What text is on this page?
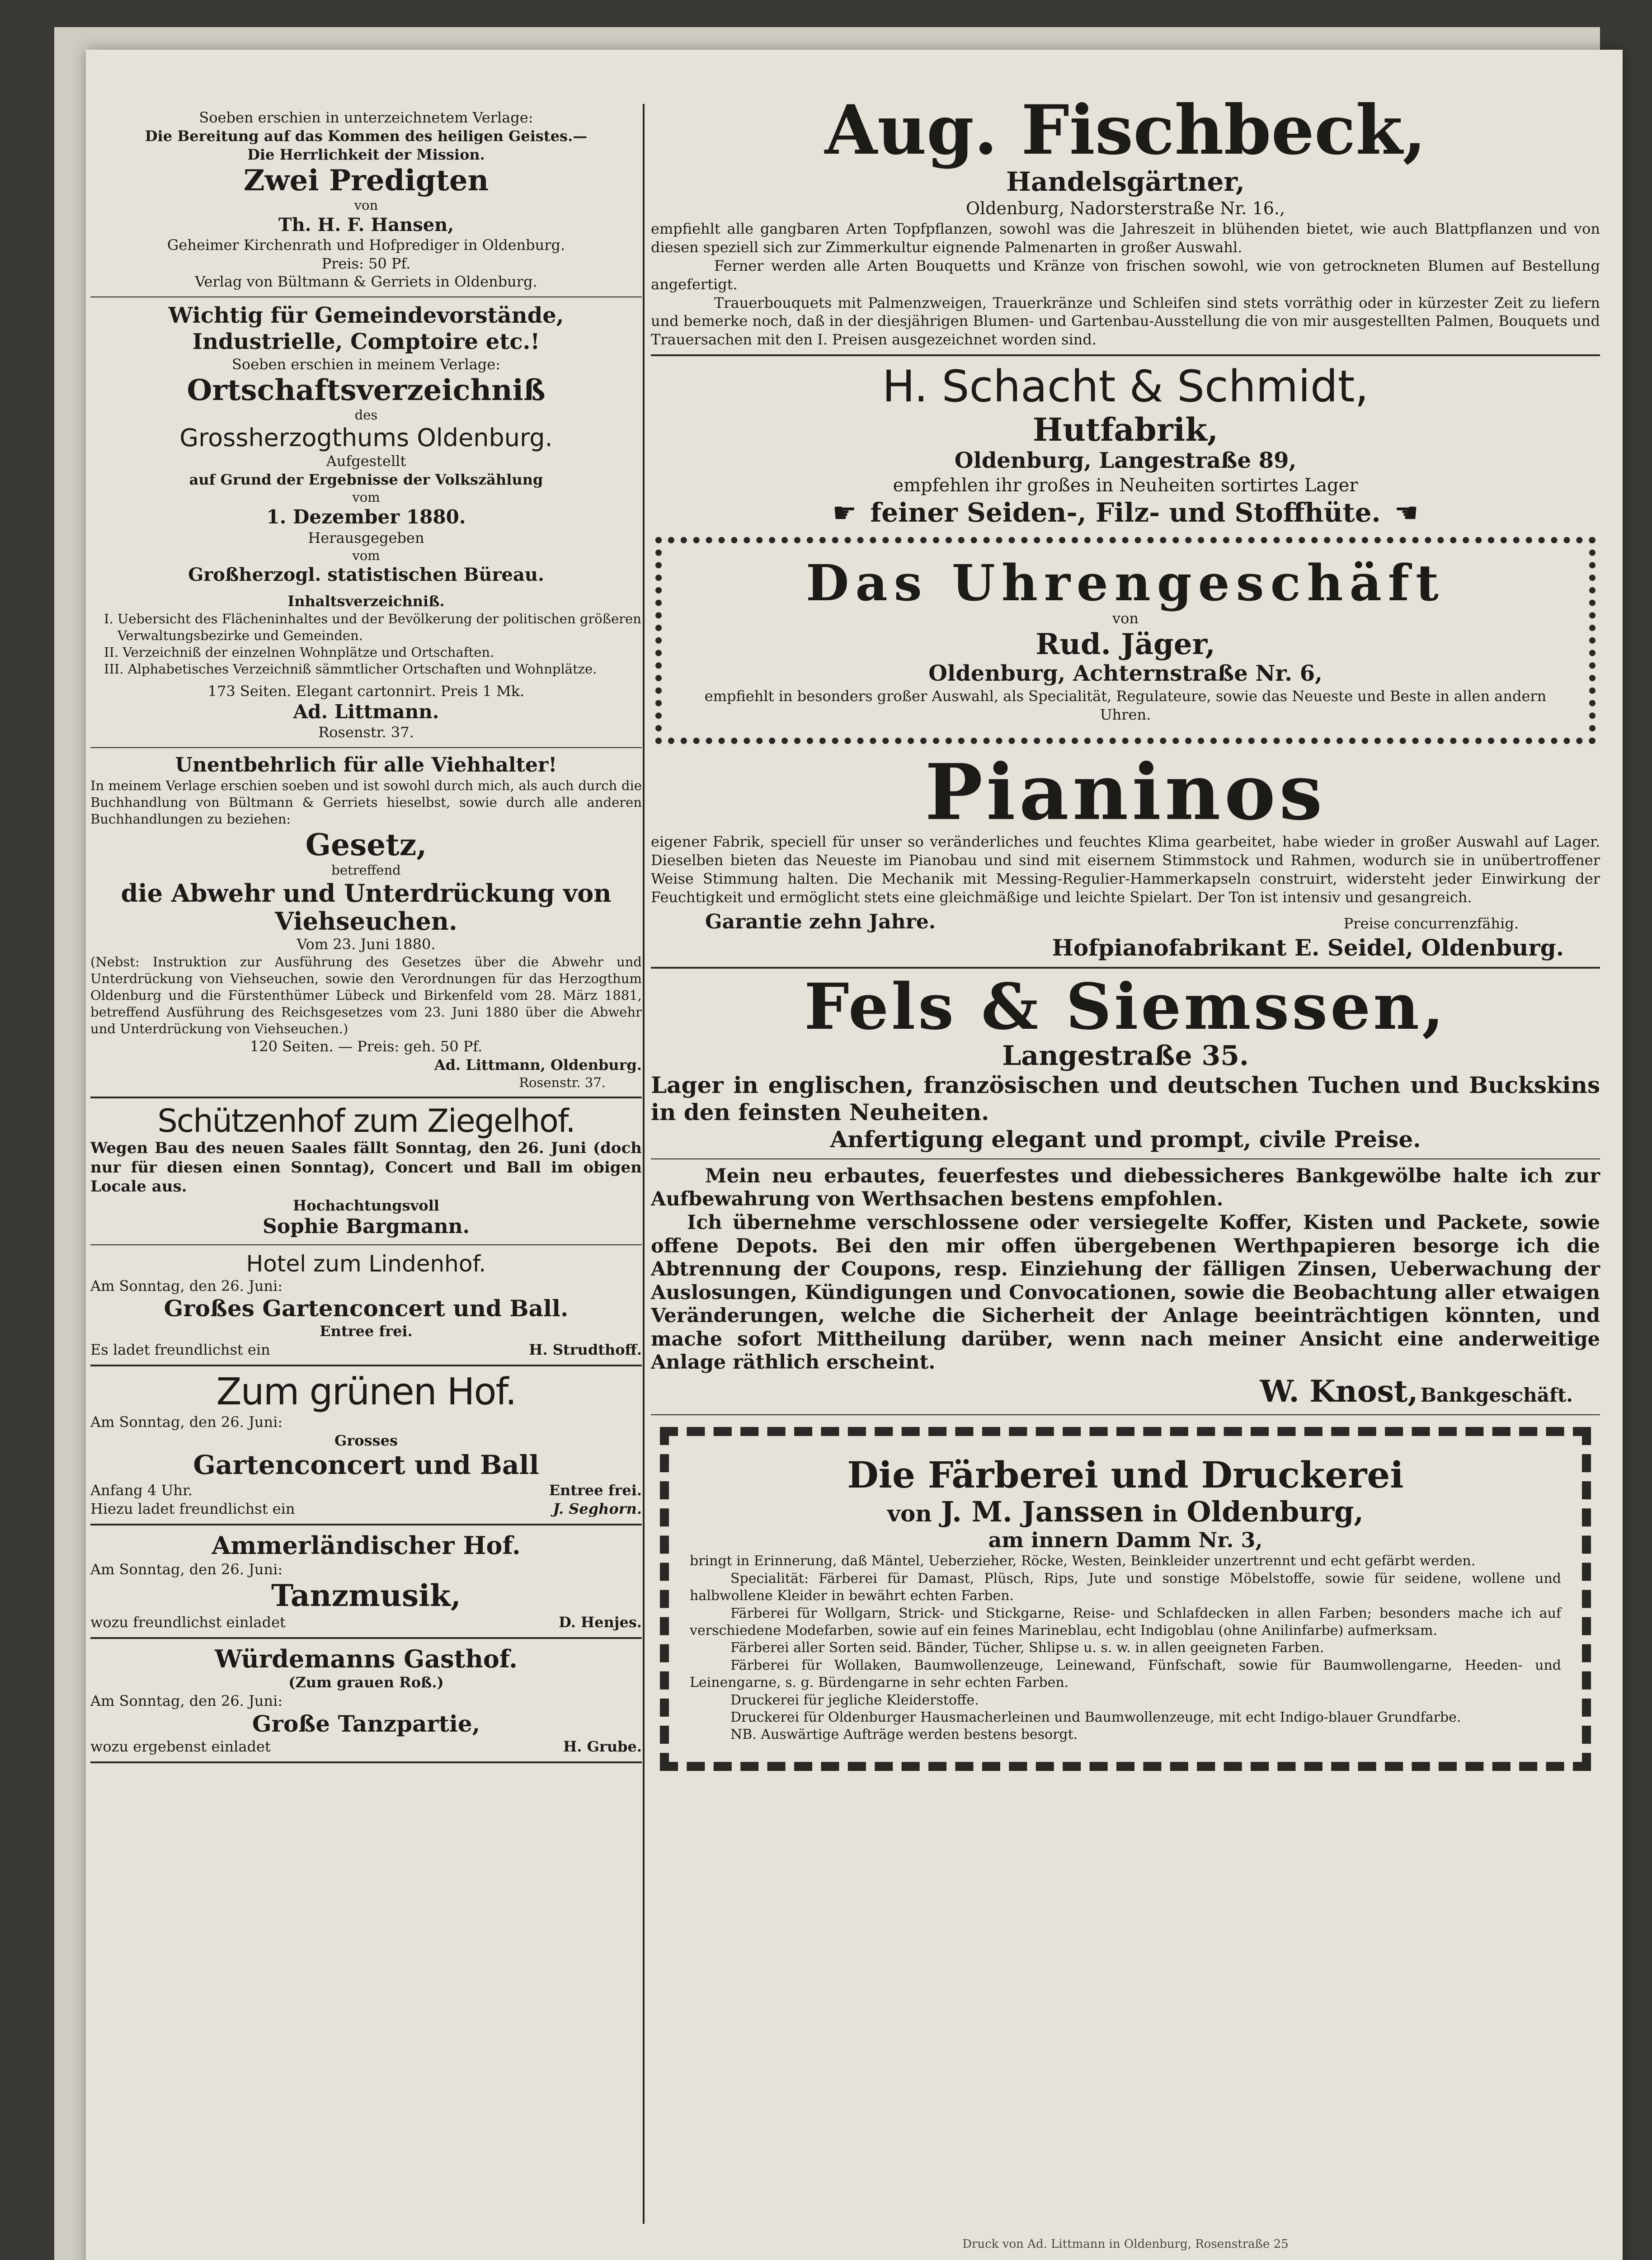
Soeben erschien in unterzeichnetem Verlage:
Die Bereitung auf das Kommen des heiligen Geistes.—
Die Herrlichkeit der Mission.
Zwei Predigten
von
Th. H. F. Hansen,
Geheimer Kirchenrath und Hofprediger in Oldenburg.
Preis: 50 Pf.
Verlag von Bültmann & Gerriets in Oldenburg.
Wichtig für Gemeindevorstände, Industrielle, Comptoire etc.!
Soeben erschien in meinem Verlage:
Ortschaftsverzeichniß
des
Grossherzogthums Oldenburg.
Aufgestellt
auf Grund der Ergebnisse der Volkszählung
vom
1. Dezember 1880.
Herausgegeben
vom
Großherzogl. statistischen Büreau.
Inhaltsverzeichniß.
I. Uebersicht des Flächeninhaltes und der Bevölkerung der politischen größeren Verwaltungsbezirke und Gemeinden.
II. Verzeichniß der einzelnen Wohnplätze und Ortschaften.
III. Alphabetisches Verzeichniß sämmtlicher Ortschaften und Wohnplätze.
173 Seiten. Elegant cartonnirt. Preis 1 Mk.
Ad. Littmann.
Rosenstr. 37.
Unentbehrlich für alle Viehhalter!
In meinem Verlage erschien soeben und ist sowohl durch mich, als auch durch die Buchhandlung von Bültmann & Gerriets hieselbst, sowie durch alle anderen Buchhandlungen zu beziehen:
Gesetz,
betreffend
die Abwehr und Unterdrückung von Viehseuchen.
Vom 23. Juni 1880.
(Nebst: Instruktion zur Ausführung des Gesetzes über die Abwehr und Unterdrückung von Viehseuchen, sowie den Verordnungen für das Herzogthum Oldenburg und die Fürstenthümer Lübeck und Birkenfeld vom 28. März 1881, betreffend Ausführung des Reichsgesetzes vom 23. Juni 1880 über die Abwehr und Unterdrückung von Viehseuchen.)
120 Seiten. — Preis: geh. 50 Pf.
Ad. Littmann, Oldenburg.
Rosenstr. 37.
Schützenhof zum Ziegelhof.
Wegen Bau des neuen Saales fällt Sonntag, den 26. Juni (doch nur für diesen einen Sonntag), Concert und Ball im obigen Locale aus.
Hochachtungsvoll
Sophie Bargmann.
Hotel zum Lindenhof.
Am Sonntag, den 26. Juni:
Großes Gartenconcert und Ball.
Entree frei.
Es ladet freundlichst ein	H. Strudthoff.
Zum grünen Hof.
Am Sonntag, den 26. Juni:
Grosses
Gartenconcert und Ball
Anfang 4 Uhr.	Entree frei.
Hiezu ladet freundlichst ein	J. Seghorn.
Ammerländischer Hof.
Am Sonntag, den 26. Juni:
Tanzmusik,
wozu freundlichst einladet	D. Henjes.
Würdemanns Gasthof.
(Zum grauen Roß.)
Am Sonntag, den 26. Juni:
Große Tanzpartie,
wozu ergebenst einladet	H. Grube.
Aug. Fischbeck,
Handelsgärtner,
Oldenburg, Nadorsterstraße Nr. 16.,
empfiehlt alle gangbaren Arten Topfpflanzen, sowohl was die Jahreszeit in blühenden bietet, wie auch Blattpflanzen und von diesen speziell sich zur Zimmerkultur eignende Palmenarten in großer Auswahl.
Ferner werden alle Arten Bouquetts und Kränze von frischen sowohl, wie von getrockneten Blumen auf Bestellung angefertigt.
Trauerbouquets mit Palmenzweigen, Trauerkränze und Schleifen sind stets vorräthig oder in kürzester Zeit zu liefern und bemerke noch, daß in der diesjährigen Blumen- und Gartenbau-Ausstellung die von mir ausgestellten Palmen, Bouquets und Trauersachen mit den I. Preisen ausgezeichnet worden sind.
H. Schacht & Schmidt,
Hutfabrik,
Oldenburg, Langestraße 89,
empfehlen ihr großes in Neuheiten sortirtes Lager
☛ feiner Seiden-, Filz- und Stoffhüte. ☚
Das Uhrengeschäft
von
Rud. Jäger,
Oldenburg, Achternstraße Nr. 6,
empfiehlt in besonders großer Auswahl, als Specialität, Regulateure, sowie das Neueste und Beste in allen andern Uhren.
Pianinos
eigener Fabrik, speciell für unser so veränderliches und feuchtes Klima gearbeitet, habe wieder in großer Auswahl auf Lager. Dieselben bieten das Neueste im Pianobau und sind mit eisernem Stimmstock und Rahmen, wodurch sie in unübertroffener Weise Stimmung halten. Die Mechanik mit Messing-Regulier-Hammerkapseln construirt, widersteht jeder Einwirkung der Feuchtigkeit und ermöglicht stets eine gleichmäßige und leichte Spielart. Der Ton ist intensiv und gesangreich.
Garantie zehn Jahre.	Preise concurrenzfähig.
Hofpianofabrikant E. Seidel, Oldenburg.
Fels & Siemssen,
Langestraße 35.
Lager in englischen, französischen und deutschen Tuchen und Buckskins in den feinsten Neuheiten.
Anfertigung elegant und prompt, civile Preise.
Mein neu erbautes, feuerfestes und diebessicheres Bankgewölbe halte ich zur Aufbewahrung von Werthsachen bestens empfohlen.
Ich übernehme verschlossene oder versiegelte Koffer, Kisten und Packete, sowie offene Depots. Bei den mir offen übergebenen Werthpapieren besorge ich die Abtrennung der Coupons, resp. Einziehung der fälligen Zinsen, Ueberwachung der Auslosungen, Kündigungen und Convocationen, sowie die Beobachtung aller etwaigen Veränderungen, welche die Sicherheit der Anlage beeinträchtigen könnten, und mache sofort Mittheilung darüber, wenn nach meiner Ansicht eine anderweitige Anlage räthlich erscheint.
W. Knost, Bankgeschäft.
Die Färberei und Druckerei
von J. M. Janssen in Oldenburg,
am innern Damm Nr. 3,
bringt in Erinnerung, daß Mäntel, Ueberzieher, Röcke, Westen, Beinkleider unzertrennt und echt gefärbt werden.
Specialität: Färberei für Damast, Plüsch, Rips, Jute und sonstige Möbelstoffe, sowie für seidene, wollene und halbwollene Kleider in bewährt echten Farben.
Färberei für Wollgarn, Strick- und Stickgarne, Reise- und Schlafdecken in allen Farben; besonders mache ich auf verschiedene Modefarben, sowie auf ein feines Marineblau, echt Indigoblau (ohne Anilinfarbe) aufmerksam.
Färberei aller Sorten seid. Bänder, Tücher, Shlipse u. s. w. in allen geeigneten Farben.
Färberei für Wollaken, Baumwollenzeuge, Leinewand, Fünfschaft, sowie für Baumwollengarne, Heeden- und Leinengarne, s. g. Bürdengarne in sehr echten Farben.
Druckerei für jegliche Kleiderstoffe.
Druckerei für Oldenburger Hausmacherleinen und Baumwollenzeuge, mit echt Indigo-blauer Grundfarbe.
NB. Auswärtige Aufträge werden bestens besorgt.
Druck von Ad. Littmann in Oldenburg, Rosenstraße 25
